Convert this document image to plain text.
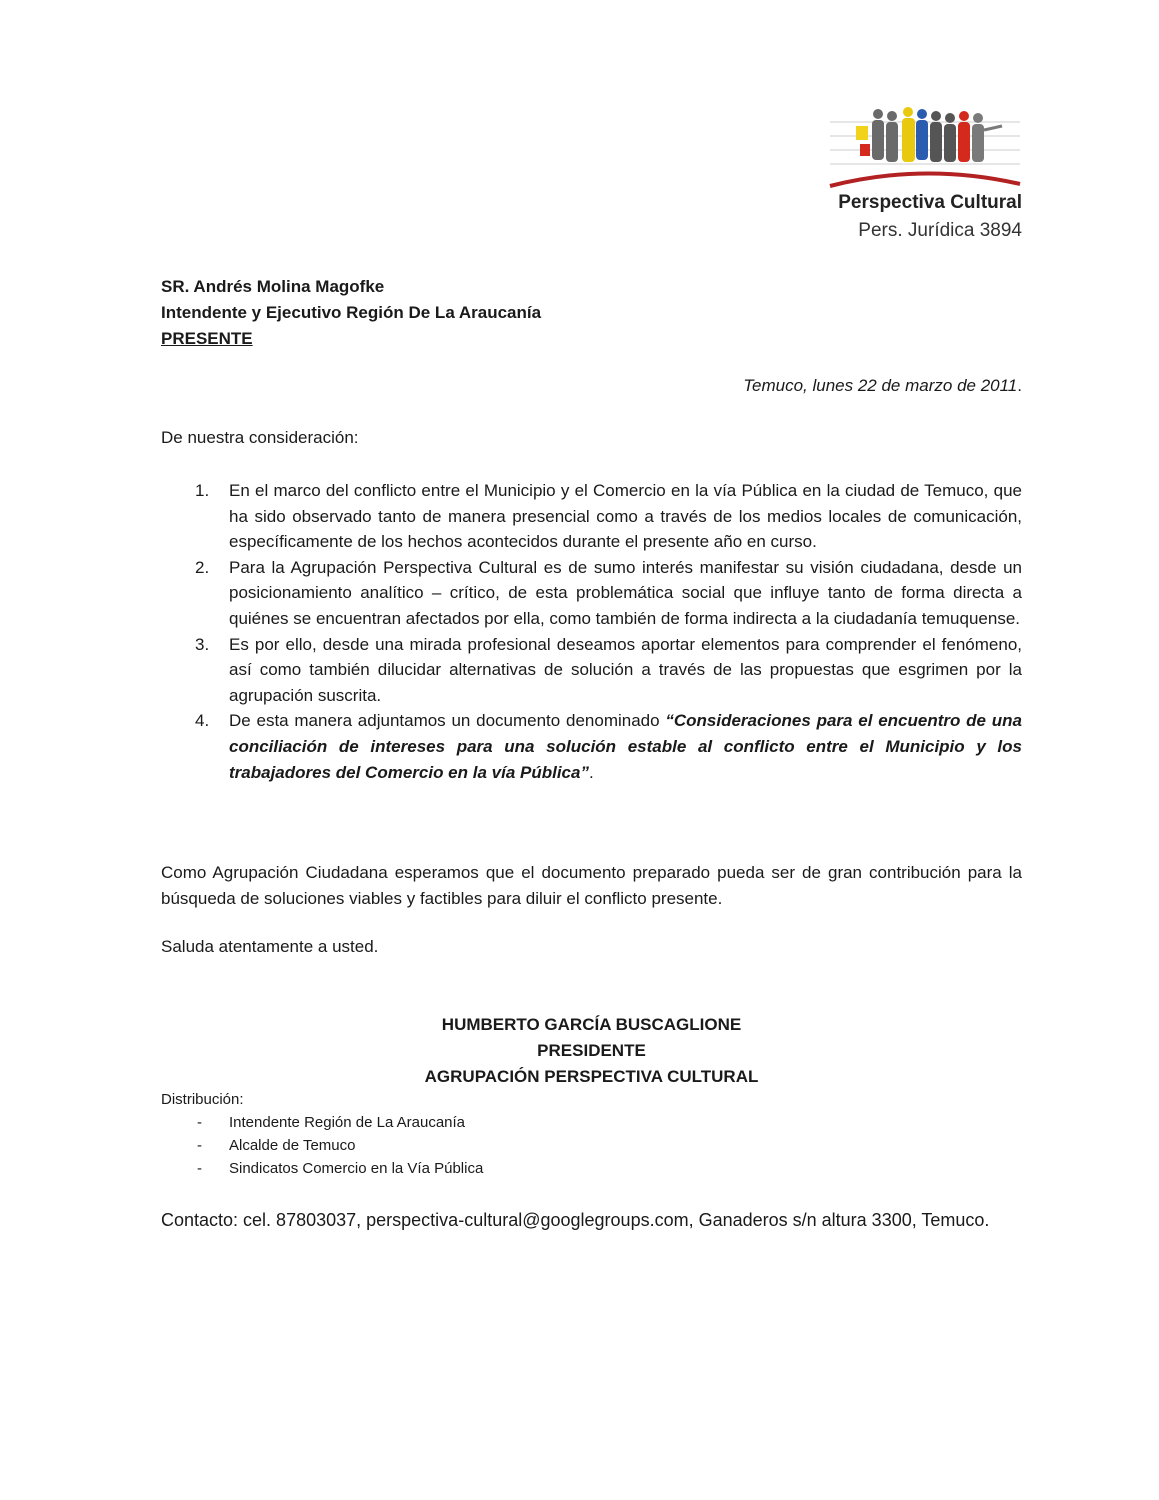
Perspectiva Cultural
Pers. Jurídica 3894
SR. Andrés Molina Magofke
Intendente y Ejecutivo Región De La Araucanía
PRESENTE
Temuco, lunes 22 de marzo de 2011.
De nuestra consideración:
1. En el marco del conflicto entre el Municipio y el Comercio en la vía Pública en la ciudad de Temuco, que ha sido observado tanto de manera presencial como a través de los medios locales de comunicación, específicamente de los hechos acontecidos durante el presente año en curso.
2. Para la Agrupación Perspectiva Cultural es de sumo interés manifestar su visión ciudadana, desde un posicionamiento analítico – crítico, de esta problemática social que influye tanto de forma directa a quiénes se encuentran afectados por ella, como también de forma indirecta a la ciudadanía temuquense.
3. Es por ello, desde una mirada profesional deseamos aportar elementos para comprender el fenómeno, así como también dilucidar alternativas de solución a través de las propuestas que esgrimen por la agrupación suscrita.
4. De esta manera adjuntamos un documento denominado “Consideraciones para el encuentro de una conciliación de intereses para una solución estable al conflicto entre el Municipio y los trabajadores del Comercio en la vía Pública”.

Como Agrupación Ciudadana esperamos que el documento preparado pueda ser de gran contribución para la búsqueda de soluciones viables y factibles para diluir el conflicto presente.

Saluda atentamente a usted.
HUMBERTO GARCÍA BUSCAGLIONE
PRESIDENTE
AGRUPACIÓN PERSPECTIVA CULTURAL
Distribución:
- Intendente Región de La Araucanía
- Alcalde de Temuco
- Sindicatos Comercio en la Vía Pública

Contacto: cel. 87803037, perspectiva-cultural@googlegroups.com, Ganaderos s/n altura 3300, Temuco.
